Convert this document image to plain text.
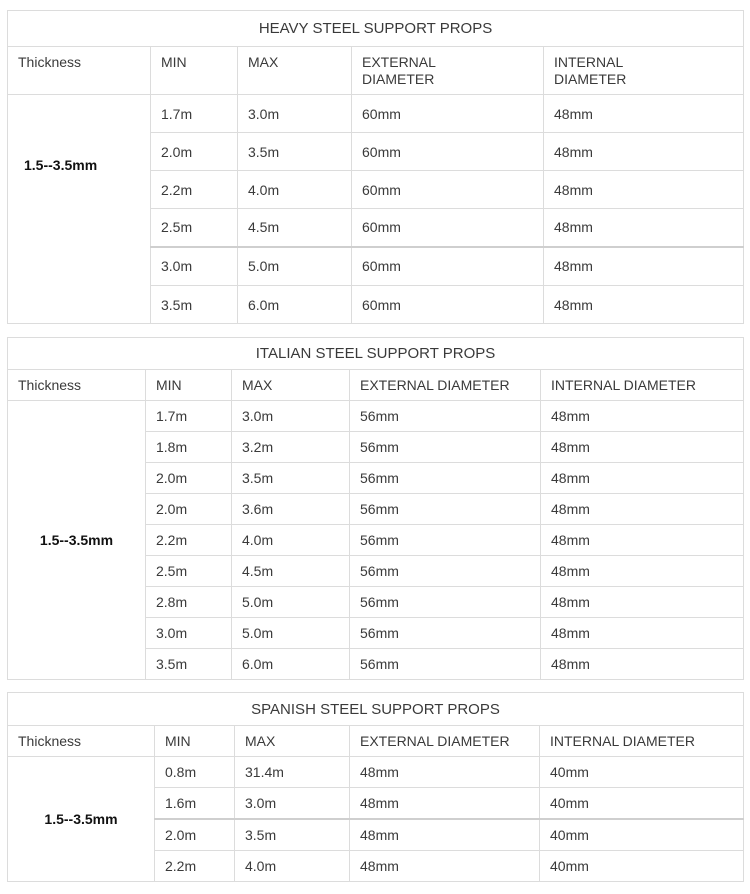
HEAVY STEEL SUPPORT PROPS				
Thickness	MIN	MAX	EXTERNAL DIAMETER	INTERNAL DIAMETER
1.5--3.5mm	1.7m	3.0m	60mm	48mm
	2.0m	3.5m	60mm	48mm
	2.2m	4.0m	60mm	48mm
	2.5m	4.5m	60mm	48mm
	3.0m	5.0m	60mm	48mm
	3.5m	6.0m	60mm	48mm
ITALIAN STEEL SUPPORT PROPS				
Thickness	MIN	MAX	EXTERNAL DIAMETER	INTERNAL DIAMETER
1.5--3.5mm	1.7m	3.0m	56mm	48mm
	1.8m	3.2m	56mm	48mm
	2.0m	3.5m	56mm	48mm
	2.0m	3.6m	56mm	48mm
	2.2m	4.0m	56mm	48mm
	2.5m	4.5m	56mm	48mm
	2.8m	5.0m	56mm	48mm
	3.0m	5.0m	56mm	48mm
	3.5m	6.0m	56mm	48mm
SPANISH STEEL SUPPORT PROPS				
Thickness	MIN	MAX	EXTERNAL DIAMETER	INTERNAL DIAMETER
1.5--3.5mm	0.8m	31.4m	48mm	40mm
	1.6m	3.0m	48mm	40mm
	2.0m	3.5m	48mm	40mm
	2.2m	4.0m	48mm	40mm
